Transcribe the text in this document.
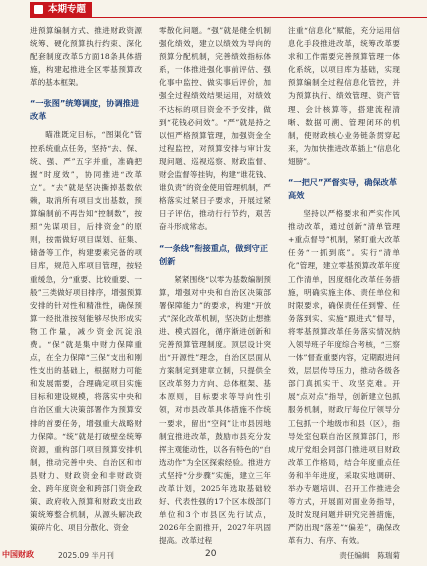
本期专题

进预算编制方式、推进财政资源统筹、硬化预算执行约束、深化配套制度改革5方面18条具体措施，构建起推进全区零基预算改革的基本框架。

“一张图”统筹调度，协调推进改革

瞄准既定目标，“图渠化”管控系统重点任务，坚持“去、保、统、强、严”五字并重，准确把握“时度效”，协同推进“改革立”。“去”就是坚决撕掉基数依赖，取消所有项目支出基数，预算编制前不再告知“控制数”，按照“先谋项目，后排资金”的原则，按需做好项目谋划、征集、储备等工作，构建要素完备的项目库，规范入库项目管理，按轻重缓急，分“重要、比较重要、一般”三类做好项目排序，增强预算安排的针对性和精准性，确保预算一经批准按刻能够尽快形成实物工作量，减少资金沉淀浪费。“保”就是集中财力保障重点，在全力保障“三保”支出和刚性支出的基础上，根据财力可能和发展需要，合理确定项目实施目标和建设规模，将落实中央和自治区重大决策部署作为预算安排的首要任务，增强重大战略财力保障。“统”就是打破壁垒统筹资源，重构部门项目预算安排机制，推动完善中央、自治区和市县财力、财政资金和非财政资金、跨年度资金和跨部门资金政策、政府收入预算和财政支出政策统筹整合机制，从源头解决政策碎片化、项目分散化、资金

零散化问题。“强”就是健全机制强化绩效，建立以绩效为导向的预算分配机制，完善绩效指标体系，一体推进强化事前评估、强化事中监控、做实事后评价，加强全过程绩效结果运用，对绩效不达标的项目资金不予安排，做到“花钱必问效”。“严”就是持之以恒严格预算管理，加强资金全过程监控，对预算安排与审计发现问题、巡视巡察、财政监督、财会监督等挂钩，构建“谁花钱、谁负责”的资金使用管理机制，严格落实过紧日子要求，开展过紧日子评估，推动行行节约，艰苦奋斗形成常态。

“一条线”衔接重点，做到守正创新

紧紧围绕“以零为基数编制预算，增强对中央和自治区决策部署保障能力”的要求，构建“开放式”深化改革机制，坚决防止想推进、模式固化，循序渐进创新和完善预算管理制度。顶层设计突出“开源性”理念，自治区层面从方案制定到建章立制，只提供全区改革努力方向、总体框架、基本原则，目标要求等导向性引领，对市县改革具体措施不作统一要求，留出“空间”让市县因地制宜推进改革，鼓励市县充分发挥主观能动性，以各有特色的“自选动作”为全区探索经验。推进方式坚持“分步骤”实施，建立三年改革计划，2025年选取基础较好、代表性强的17个区本级部门单位和3个市县区先行试点，2026年全面推开，2027年巩固提高。改革过程

注重“信息化”赋能，充分运用信息化手段推进改革，统筹改革要求和工作需要完善预算管理一体化系统，以项目库为基础，实现预算编制全过程信息化管控，并为预算执行、绩效管理、资产管理、会计核算等，搭建流程清晰、数据可溯、管理闭环的机制，使财政核心业务链条贯穿起来，为加快推进改革插上“信息化翅膀”。

“一把尺”严督实导，确保改革高效

坚持以严格要求和严实作风推动改革，通过创新“清单管理+重点督导”机制，紧盯重大改革任务“一抓到底”。实行“清单化”管理，建立零基预算改革年度工作清单，因度细化改革任务措施，明确实施主体、责任单位和时限要求，确保责任任到警、任务落到实、实施“跟进式”督导，将零基预算改革任务落实情况纳入领导班子年度综合考核，“三察一体”督查重要内容，定期跟进问效，层层传导压力，推动各级各部门真抓实干、攻坚克难。开展“点对点”指导，创新建立包抓服务机制，财政厅每位厅领导分工包抓一个地级市和县（区），指导处室包联自治区预算部门，形成厅党组会同部门推进项目财政改革工作格局，结合年度重点任务和半年进度，采取实地调研、举办专题培训、召开工作推进会等方式，开展面对面业务指导，及时发现问题并研究完善措施，严防出现“落差”“偏差”，确保改革有力、有序、有效。

责任编辑　陈瑞菊
中国财政	2025.09 半月刊	20
